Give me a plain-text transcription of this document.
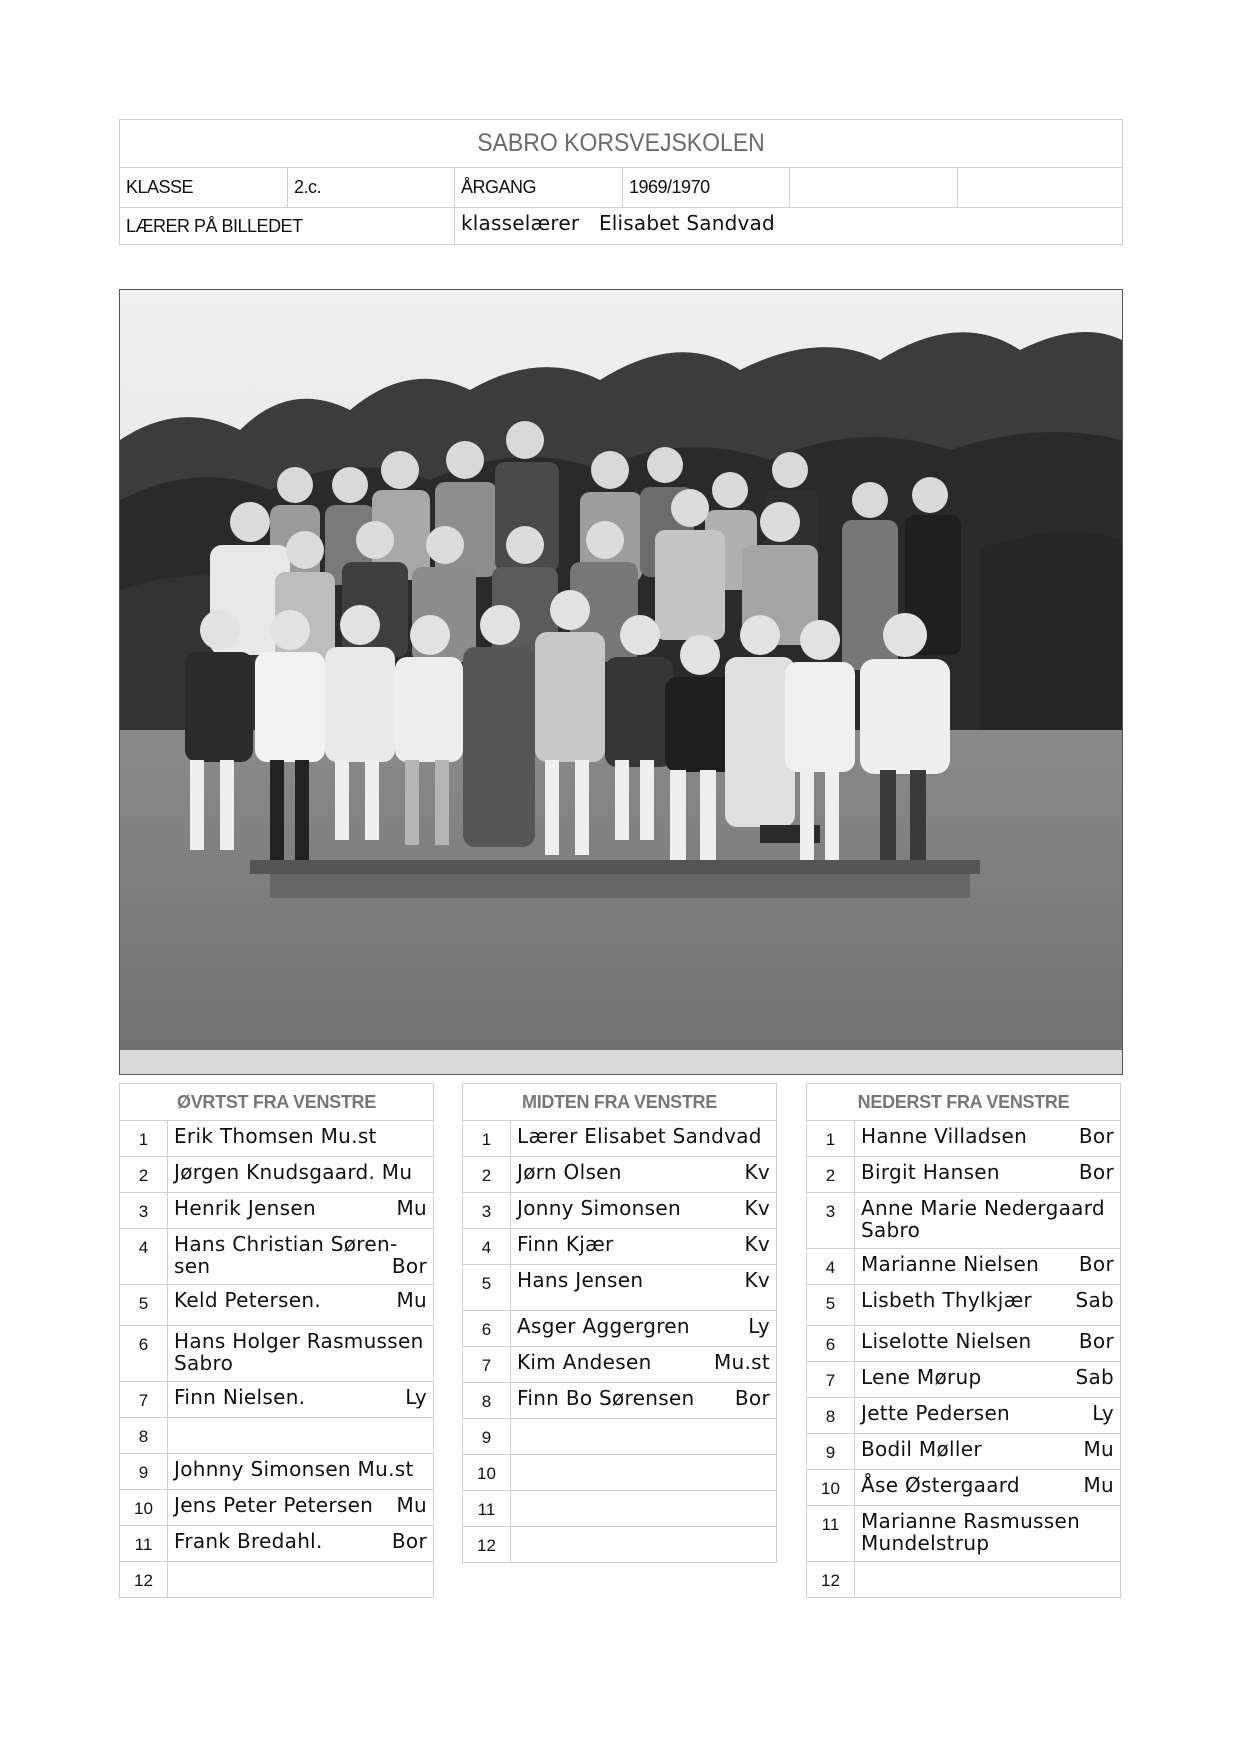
SABRO KORSVEJSKOLEN
KLASSE	2.c.	ÅRGANG	1969/1970
LÆRER PÅ BILLEDET	klasselærer Elisabet Sandvad
ØVRTST FRA VENSTRE
1	Erik Thomsen Mu.st
2	Jørgen Knudsgaard. Mu
3	Henrik Jensen	Mu
4	Hans Christian Søren-
sen	Bor
5	Keld Petersen.	Mu
6	Hans Holger Rasmussen
Sabro
7	Finn Nielsen.	Ly
8
9	Johnny Simonsen Mu.st
10	Jens Peter Petersen Mu
11	Frank Bredahl.	Bor
12
MIDTEN FRA VENSTRE
1	Lærer Elisabet Sandvad
2	Jørn Olsen	Kv
3	Jonny Simonsen	Kv
4	Finn Kjær	Kv
5	Hans Jensen	Kv
6	Asger Aggergren	Ly
7	Kim Andesen	Mu.st
8	Finn Bo Sørensen Bor
9
10
11
12
NEDERST FRA VENSTRE
1	Hanne Villadsen	Bor
2	Birgit Hansen	Bor
3	Anne Marie Nedergaard
Sabro
4	Marianne Nielsen Bor
5	Lisbeth Thylkjær Sab
6	Liselotte Nielsen Bor
7	Lene Mørup	Sab
8	Jette Pedersen	Ly
9	Bodil Møller	Mu
10	Åse Østergaard	Mu
11	Marianne Rasmussen
Mundelstrup
12
